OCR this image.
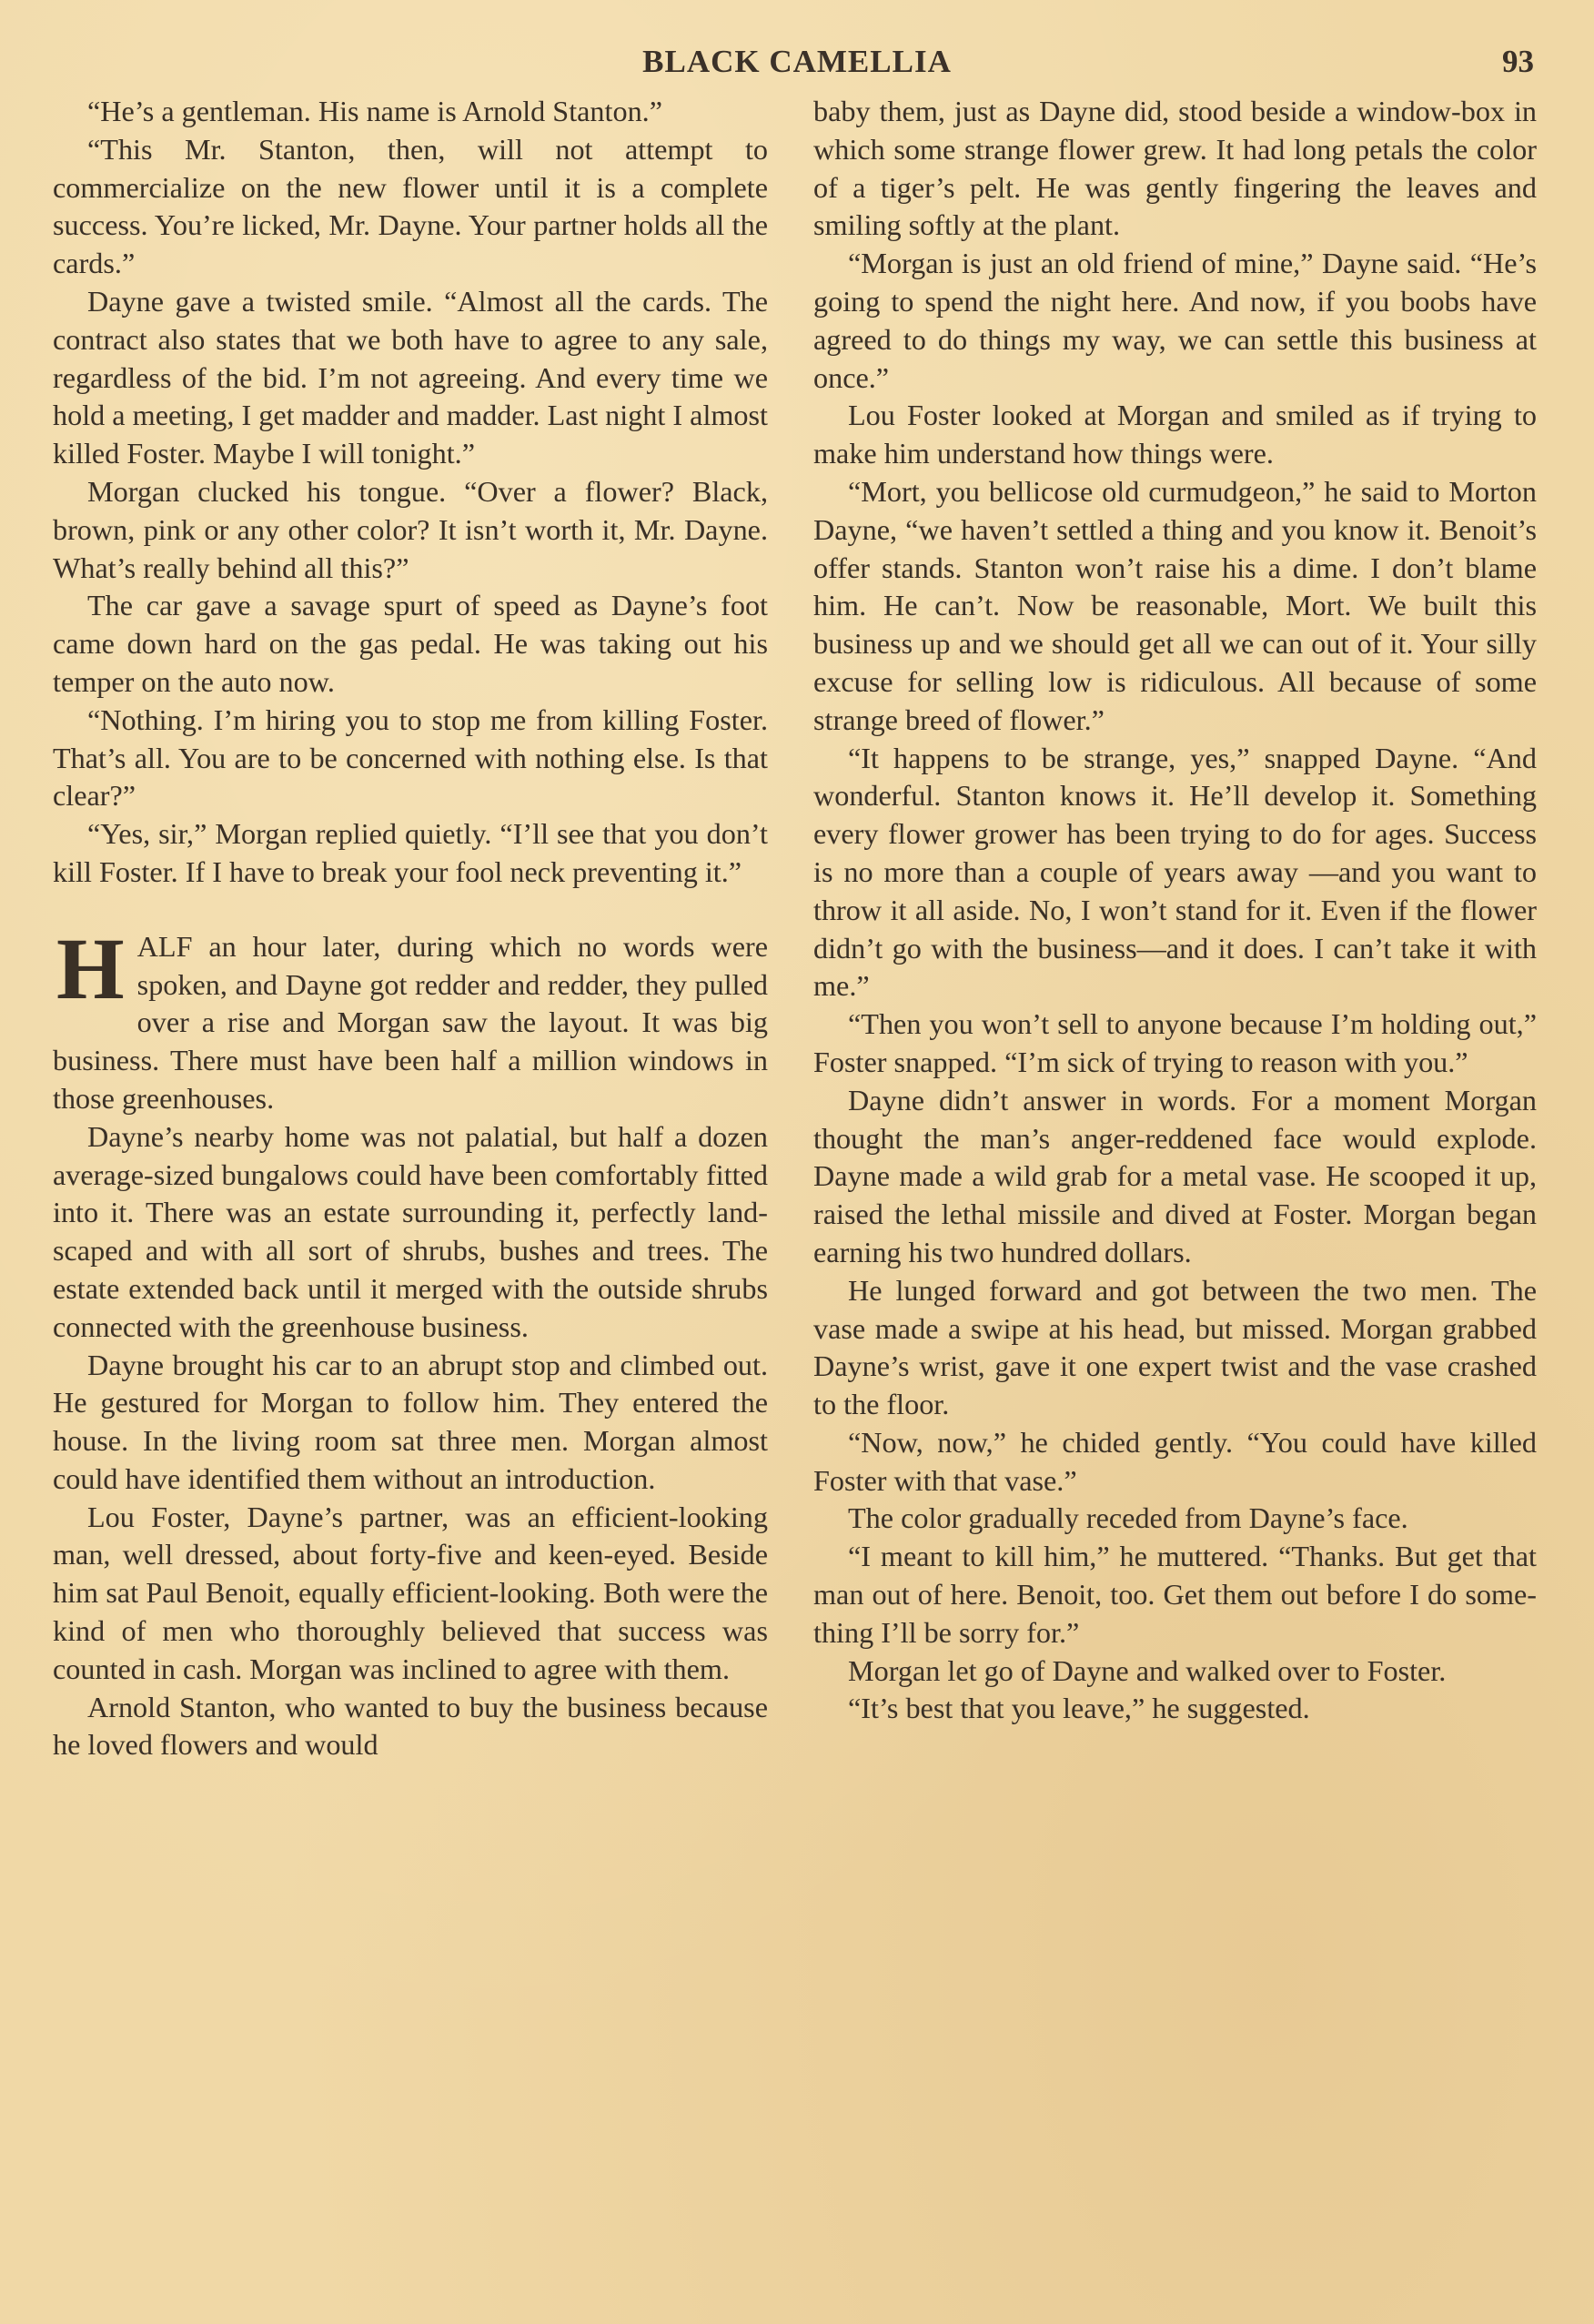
BLACK CAMELLIA	93

“He’s a gentleman. His name is Arnold Stanton.”

“This Mr. Stanton, then, will not attempt to commercialize on the new flower until it is a complete success. You’re licked, Mr. Dayne. Your partner holds all the cards.”

Dayne gave a twisted smile. “Almost all the cards. The contract also states that we both have to agree to any sale, regardless of the bid. I’m not agreeing. And every time we hold a meeting, I get madder and madder. Last night I almost killed Foster. Maybe I will tonight.”

Morgan clucked his tongue. “Over a flower? Black, brown, pink or any other color? It isn’t worth it, Mr. Dayne. What’s really behind all this?”

The car gave a savage spurt of speed as Dayne’s foot came down hard on the gas pedal. He was taking out his temper on the auto now.

“Nothing. I’m hiring you to stop me from killing Foster. That’s all. You are to be concerned with nothing else. Is that clear?”

“Yes, sir,” Morgan replied quietly. “I’ll see that you don’t kill Foster. If I have to break your fool neck preventing it.”

HALF an hour later, during which no words were spoken, and Dayne got redder and redder, they pulled over a rise and Morgan saw the layout. It was big business. There must have been half a million windows in those greenhouses.

Dayne’s nearby home was not palatial, but half a dozen average-sized bungalows could have been comfortably fitted into it. There was an estate surrounding it, perfectly landscaped and with all sort of shrubs, bushes and trees. The estate extended back until it merged with the outside shrubs connected with the greenhouse business.

Dayne brought his car to an abrupt stop and climbed out. He gestured for Morgan to follow him. They entered the house. In the living room sat three men. Morgan almost could have identified them without an introduction.

Lou Foster, Dayne’s partner, was an efficient-looking man, well dressed, about forty-five and keen-eyed. Beside him sat Paul Benoit, equally efficient-looking. Both were the kind of men who thoroughly believed that success was counted in cash. Morgan was inclined to agree with them.

Arnold Stanton, who wanted to buy the business because he loved flowers and would

baby them, just as Dayne did, stood beside a window-box in which some strange flower grew. It had long petals the color of a tiger’s pelt. He was gently fingering the leaves and smiling softly at the plant.

“Morgan is just an old friend of mine,” Dayne said. “He’s going to spend the night here. And now, if you boobs have agreed to do things my way, we can settle this business at once.”

Lou Foster looked at Morgan and smiled as if trying to make him understand how things were.

“Mort, you bellicose old curmudgeon,” he said to Morton Dayne, “we haven’t settled a thing and you know it. Benoit’s offer stands. Stanton won’t raise his a dime. I don’t blame him. He can’t. Now be reasonable, Mort. We built this business up and we should get all we can out of it. Your silly excuse for selling low is ridiculous. All because of some strange breed of flower.”

“It happens to be strange, yes,” snapped Dayne. “And wonderful. Stanton knows it. He’ll develop it. Something every flower grower has been trying to do for ages. Success is no more than a couple of years away —and you want to throw it all aside. No, I won’t stand for it. Even if the flower didn’t go with the business—and it does. I can’t take it with me.”

“Then you won’t sell to anyone because I’m holding out,” Foster snapped. “I’m sick of trying to reason with you.”

Dayne didn’t answer in words. For a moment Morgan thought the man’s anger-reddened face would explode. Dayne made a wild grab for a metal vase. He scooped it up, raised the lethal missile and dived at Foster. Morgan began earning his two hundred dollars.

He lunged forward and got between the two men. The vase made a swipe at his head, but missed. Morgan grabbed Dayne’s wrist, gave it one expert twist and the vase crashed to the floor.

“Now, now,” he chided gently. “You could have killed Foster with that vase.”

The color gradually receded from Dayne’s face.

“I meant to kill him,” he muttered. “Thanks. But get that man out of here. Benoit, too. Get them out before I do something I’ll be sorry for.”

Morgan let go of Dayne and walked over to Foster.

“It’s best that you leave,” he suggested.
